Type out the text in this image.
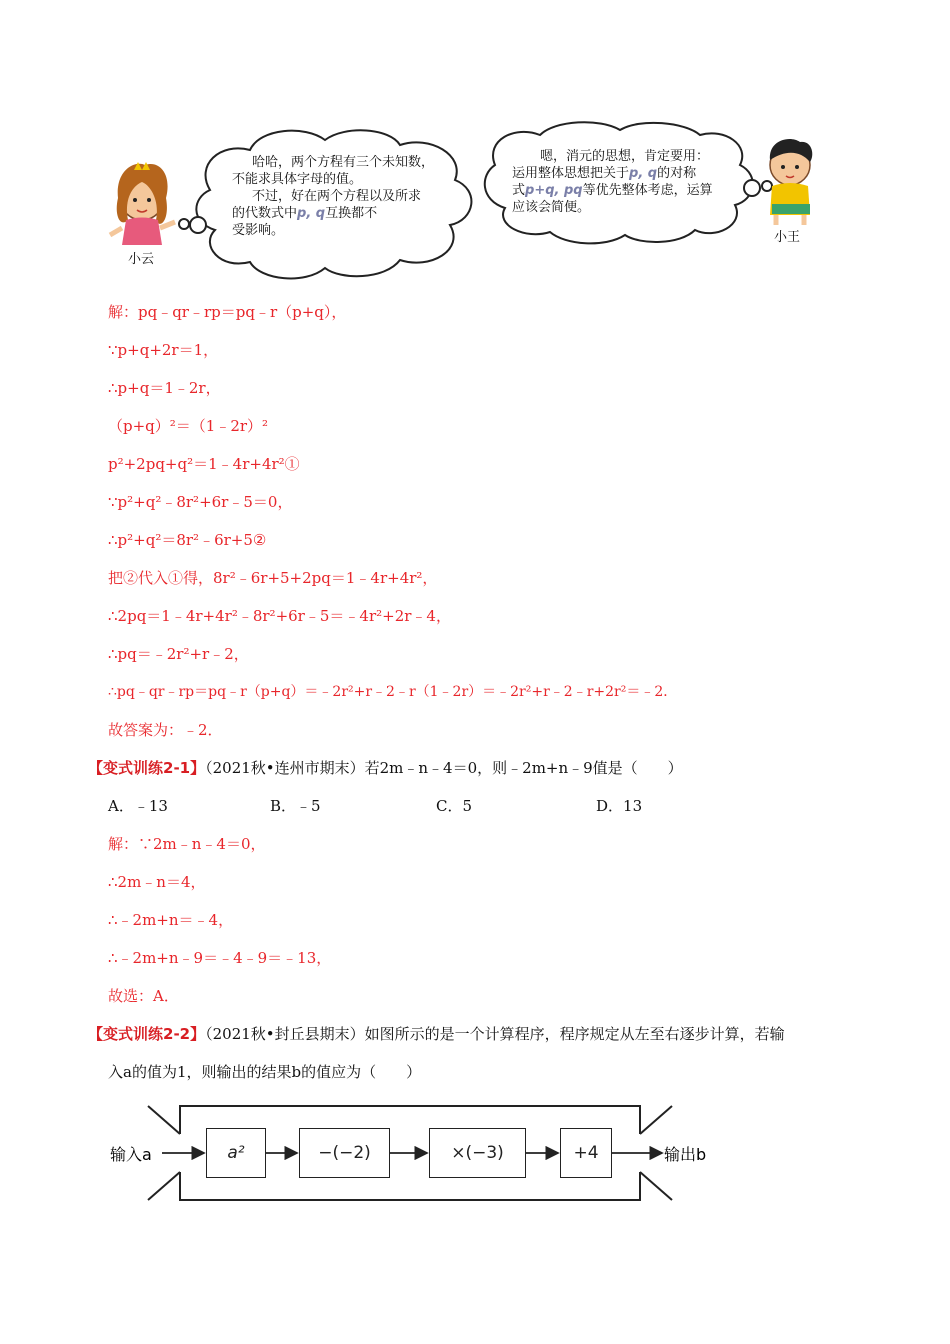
哈哈，两个方程有三个未知数，
不能求具体字母的值。
不过，好在两个方程以及所求
的代数式中p, q互换都不
受影响。
嗯，消元的思想，肯定要用：
运用整体思想把关于p, q的对称
式p+q, pq等优先整体考虑，运算
应该会简便。
小云
小王
解：pq﹣qr﹣rp＝pq﹣r（p+q），
∵p+q+2r＝1，
∴p+q＝1﹣2r，
（p+q）²＝（1﹣2r）²
p²+2pq+q²＝1﹣4r+4r²①
∵p²+q²﹣8r²+6r﹣5＝0，
∴p²+q²＝8r²﹣6r+5②
把②代入①得，8r²﹣6r+5+2pq＝1﹣4r+4r²，
∴2pq＝1﹣4r+4r²﹣8r²+6r﹣5＝﹣4r²+2r﹣4，
∴pq＝﹣2r²+r﹣2，
∴pq﹣qr﹣rp＝pq﹣r（p+q）＝﹣2r²+r﹣2﹣r（1﹣2r）＝﹣2r²+r﹣2﹣r+2r²＝﹣2．
故答案为：﹣2．
【变式训练2-1】（2021秋•连州市期末）若2m﹣n﹣4＝0，则﹣2m+n﹣9值是（　　）
A．﹣13	B．﹣5	C．5	D．13
解：∵2m﹣n﹣4＝0，
∴2m﹣n＝4，
∴﹣2m+n＝﹣4，
∴﹣2m+n﹣9＝﹣4﹣9＝﹣13，
故选：A．
【变式训练2-2】（2021秋•封丘县期末）如图所示的是一个计算程序，程序规定从左至右逐步计算，若输
入a的值为1，则输出的结果b的值应为（　　）
输入a	a²	−(−2)	×(−3)	+4	输出b
